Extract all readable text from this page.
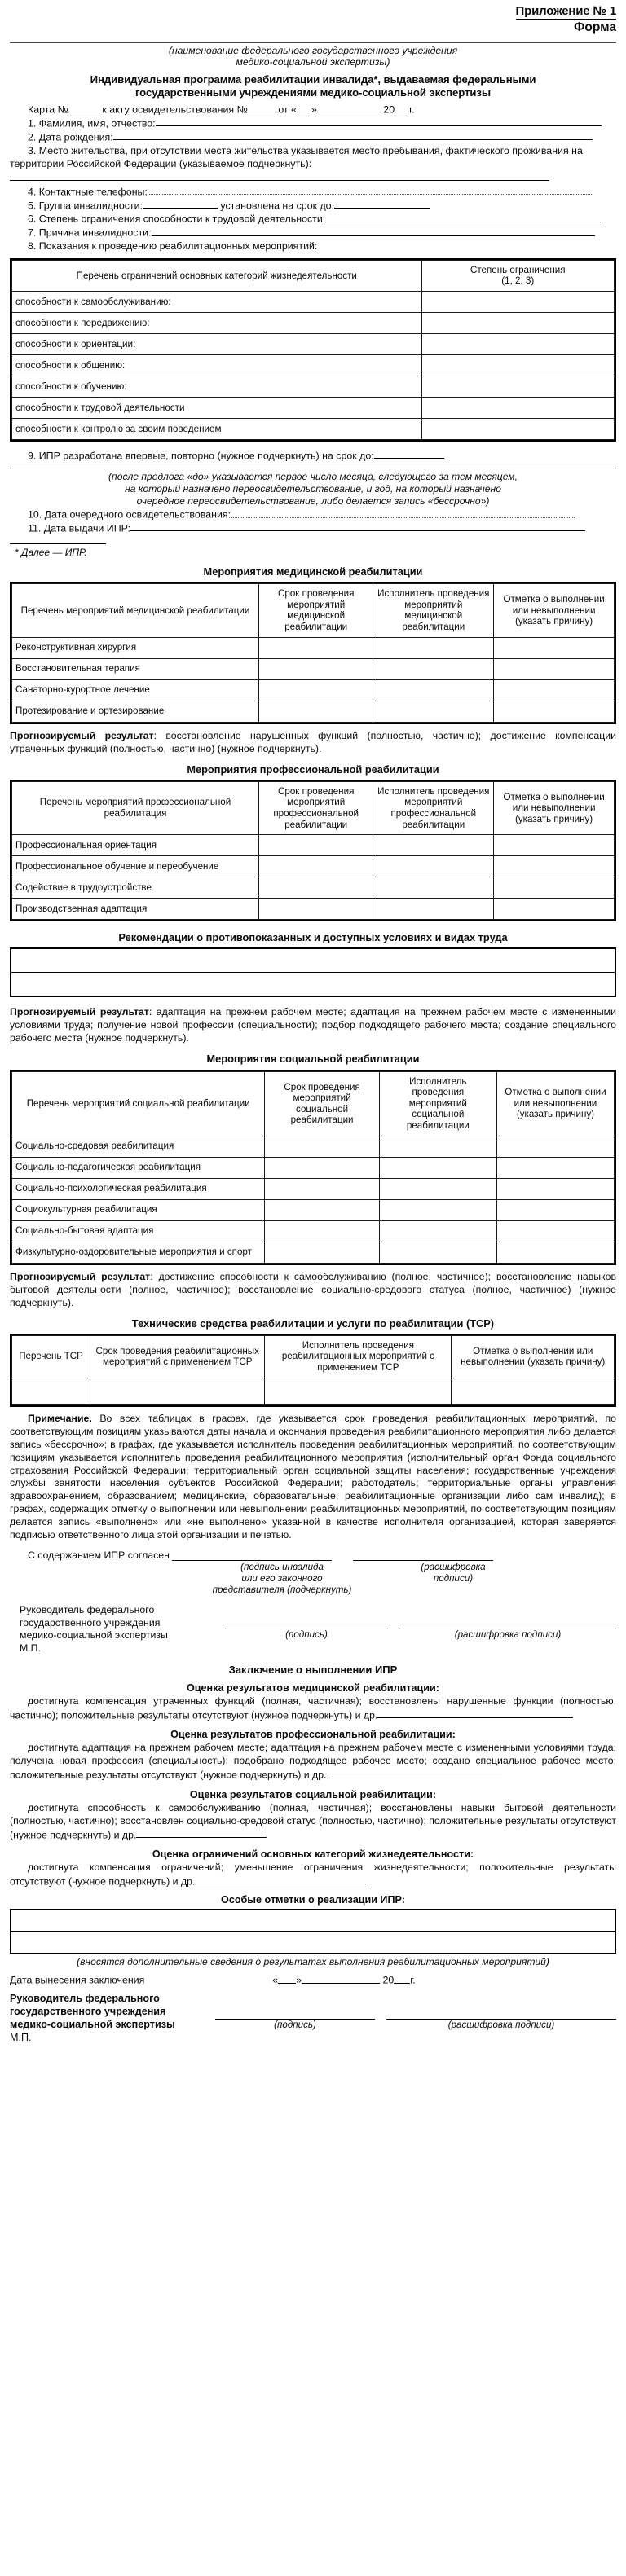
Приложение № 1
Форма
(наименование федерального государственного учреждения
медико-социальной экспертизы)
Индивидуальная программа реабилитации инвалида*, выдаваемая федеральными
государственными учреждениями медико-социальной экспертизы

Карта №	к акту освидетельствования №	от « »	20 г.

1. Фамилия, имя, отчество:

2. Дата рождения:

3. Место жительства, при отсутствии места жительства указывается место пребывания, фактического проживания на территории Российской Федерации (указываемое подчеркнуть):

4. Контактные телефоны:

5. Группа инвалидности:	установлена на срок до:

6. Степень ограничения способности к трудовой деятельности:

7. Причина инвалидности:

8. Показания к проведению реабилитационных мероприятий:

Перечень ограничений основных категорий жизнедеятельности	Степень ограничения
(1, 2, 3)
способности к самообслуживанию:	
способности к передвижению:	
способности к ориентации:	
способности к общению:	
способности к обучению:	
способности к трудовой деятельности	
способности к контролю за своим поведением	

9. ИПР разработана впервые, повторно (нужное подчеркнуть) на срок до:

(после предлога «до» указывается первое число месяца, следующего за тем месяцем,
на который назначено переосвидетельствование, и год, на который назначено
очередное переосвидетельствование, либо делается запись «бессрочно»)

10. Дата очередного освидетельствования:

11. Дата выдачи ИПР:

* Далее — ИПР.
Мероприятия медицинской реабилитации
Перечень мероприятий медицинской реабилитации	Срок проведения мероприятий медицинской реабилитации	Исполнитель проведения мероприятий медицинской реабилитации	Отметка о выполнении или невыполнении (указать причину)
Реконструктивная хирургия			
Восстановительная терапия			
Санаторно-курортное лечение			
Протезирование и ортезирование			

Прогнозируемый результат: восстановление нарушенных функций (полностью, частично); достижение компенсации утраченных функций (полностью, частично) (нужное подчеркнуть).

Мероприятия профессиональной реабилитации
Перечень мероприятий профессиональной реабилитация	Срок проведения мероприятий профессиональной реабилитации	Исполнитель проведения мероприятий профессиональной реабилитации	Отметка о выполнении или невыполнении (указать причину)
Профессиональная ориентация			
Профессиональное обучение и переобучение			
Содействие в трудоустройстве			
Производственная адаптация			
Рекомендации о противопоказанных и доступных условиях и видах труда

Прогнозируемый результат: адаптация на прежнем рабочем месте; адаптация на прежнем рабочем месте с измененными условиями труда; получение новой профессии (специальности); подбор подходящего рабочего места; создание специального рабочего места (нужное подчеркнуть).

Мероприятия социальной реабилитации
Перечень мероприятий социальной реабилитации	Срок проведения мероприятий социальной реабилитации	Исполнитель проведения мероприятий социальной реабилитации	Отметка о выполнении или невыполнении (указать причину)
Социально-средовая реабилитация			
Социально-педагогическая реабилитация			
Социально-психологическая реабилитация			
Социокультурная реабилитация			
Социально-бытовая адаптация			
Физкультурно-оздоровительные мероприятия и спорт			

Прогнозируемый результат: достижение способности к самообслуживанию (полное, частичное); восстановление навыков бытовой деятельности (полное, частичное); восстановление социально-средового статуса (полное, частичное) (нужное подчеркнуть).

Технические средства реабилитации и услуги по реабилитации (ТСР)
Перечень ТСР	Срок проведения реабилитационных мероприятий с применением ТСР	Исполнитель проведения реабилитационных мероприятий с применением ТСР	Отметка о выполнении или невыполнении (указать причину)

Примечание. Во всех таблицах в графах, где указывается срок проведения реабилитационных мероприятий, по соответствующим позициям указываются даты начала и окончания проведения реабилитационного мероприятия либо делается запись «бессрочно»; в графах, где указывается исполнитель проведения реабилитационных мероприятий, по соответствующим позициям указывается исполнитель проведения реабилитационного мероприятия (исполнительный орган Фонда социального страхования Российской Федерации; территориальный орган социальной защиты населения; государственные учреждения службы занятости населения субъектов Российской Федерации; работодатель; территориальные органы управления здравоохранением, образованием; медицинские, образовательные, реабилитационные организации либо сам инвалид); в графах, содержащих отметку о выполнении или невыполнении реабилитационных мероприятий, по соответствующим позициям делается запись «выполнено» или «не выполнено» указанной в качестве исполнителя организацией, которая заверяется подписью ответственного лица этой организации и печатью.

С содержанием ИПР согласен
(подпись инвалида
или его законного
представителя (подчеркнуть)
(расшифровка
подписи)
Руководитель федерального
государственного учреждения
медико-социальной экспертизы
М.П.
(подпись)	(расшифровка подписи)
Заключение о выполнении ИПР
Оценка результатов медицинской реабилитации:

достигнута компенсация утраченных функций (полная, частичная); восстановлены нарушенные функции (полностью, частично); положительные результаты отсутствуют (нужное подчеркнуть) и др.

Оценка результатов профессиональной реабилитации:

достигнута адаптация на прежнем рабочем месте; адаптация на прежнем рабочем месте с измененными условиями труда; получена новая профессия (специальность); подобрано подходящее рабочее место; создано специальное рабочее место; положительные результаты отсутствуют (нужное подчеркнуть) и др.

Оценка результатов социальной реабилитации:

достигнута способность к самообслуживанию (полная, частичная); восстановлены навыки бытовой деятельности (полностью, частично); восстановлен социально-средовой статус (полностью, частично); положительные результаты отсутствуют (нужное подчеркнуть) и др.

Оценка ограничений основных категорий жизнедеятельности:

достигнута компенсация ограничений; уменьшение ограничения жизнедеятельности; положительные результаты отсутствуют (нужное подчеркнуть) и др.

Особые отметки о реализации ИПР:
(вносятся дополнительные сведения о результатах выполнения реабилитационных мероприятий)

Дата вынесения заключения	« »	20 г.

Руководитель федерального
государственного учреждения
медико-социальной экспертизы
М.П.
(подпись)	(расшифровка подписи)
